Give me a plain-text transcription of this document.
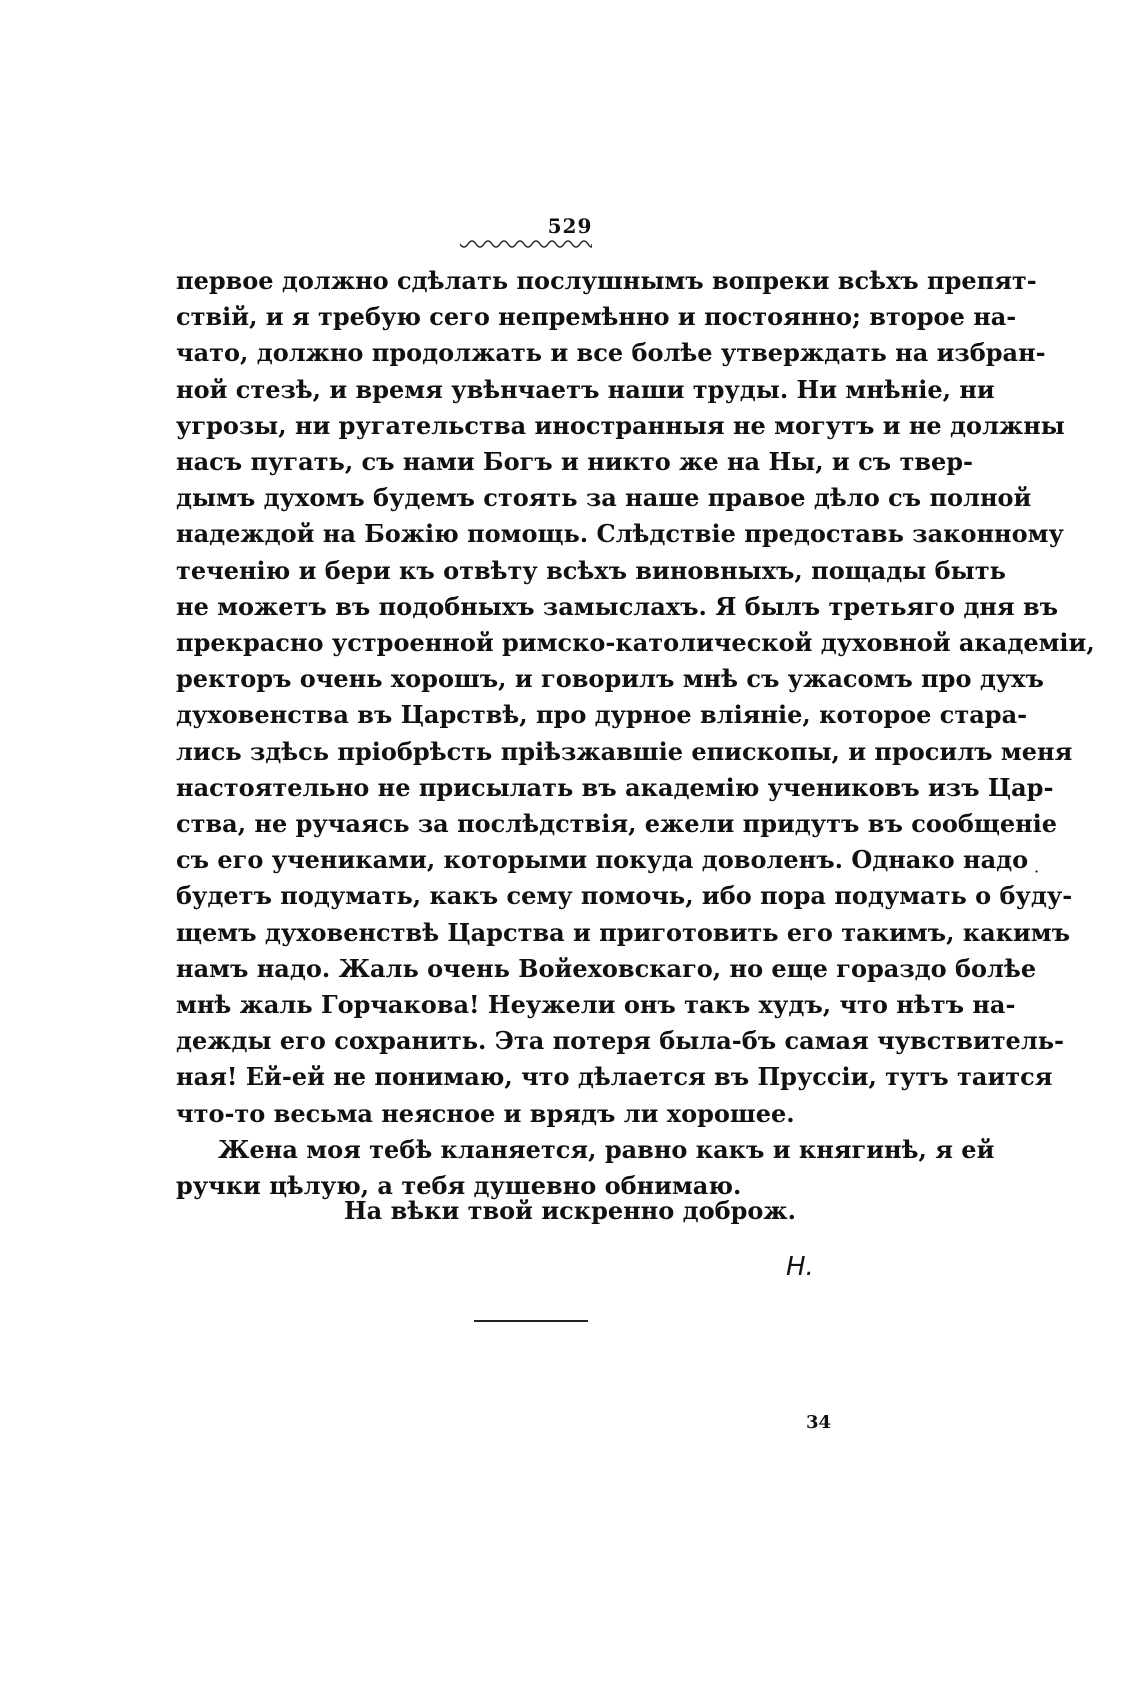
529
первое должно сдѣлать послушнымъ вопреки всѣхъ препят-
ствій, и я требую сего непремѣнно и постоянно; второе на-
чато, должно продолжать и все болѣе утверждать на избран-
ной стезѣ, и время увѣнчаетъ наши труды. Ни мнѣніе, ни
угрозы, ни ругательства иностранныя не могутъ и не должны
насъ пугать, съ нами Богъ и никто же на Ны, и съ твер-
дымъ духомъ будемъ стоять за наше правое дѣло съ полной
надеждой на Божію помощь. Слѣдствіе предоставь законному
теченію и бери къ отвѣту всѣхъ виновныхъ, пощады быть
не можетъ въ подобныхъ замыслахъ. Я былъ третьяго дня въ
прекрасно устроенной римско-католической духовной академіи,
ректоръ очень хорошъ, и говорилъ мнѣ съ ужасомъ про духъ
духовенства въ Царствѣ, про дурное вліяніе, которое стара-
лись здѣсь пріобрѣсть пріѣзжавшіе епископы, и просилъ меня
настоятельно не присылать въ академію учениковъ изъ Цар-
ства, не ручаясь за послѣдствія, ежели придутъ въ сообщеніе
съ его учениками, которыми покуда доволенъ. Однако надо
будетъ подумать, какъ сему помочь, ибо пора подумать о буду-
щемъ духовенствѣ Царства и приготовить его такимъ, какимъ
намъ надо. Жаль очень Войеховскаго, но еще гораздо болѣе
мнѣ жаль Горчакова! Неужели онъ такъ худъ, что нѣтъ на-
дежды его сохранить. Эта потеря была-бъ самая чувствитель-
ная! Ей-ей не понимаю, что дѣлается въ Пруссіи, тутъ таится
что-то весьма неясное и врядъ ли хорошее.
Жена моя тебѣ кланяется, равно какъ и княгинѣ, я ей
ручки цѣлую, а тебя душевно обнимаю.
На вѣки твой искренно доброж.
Н.
34
·
